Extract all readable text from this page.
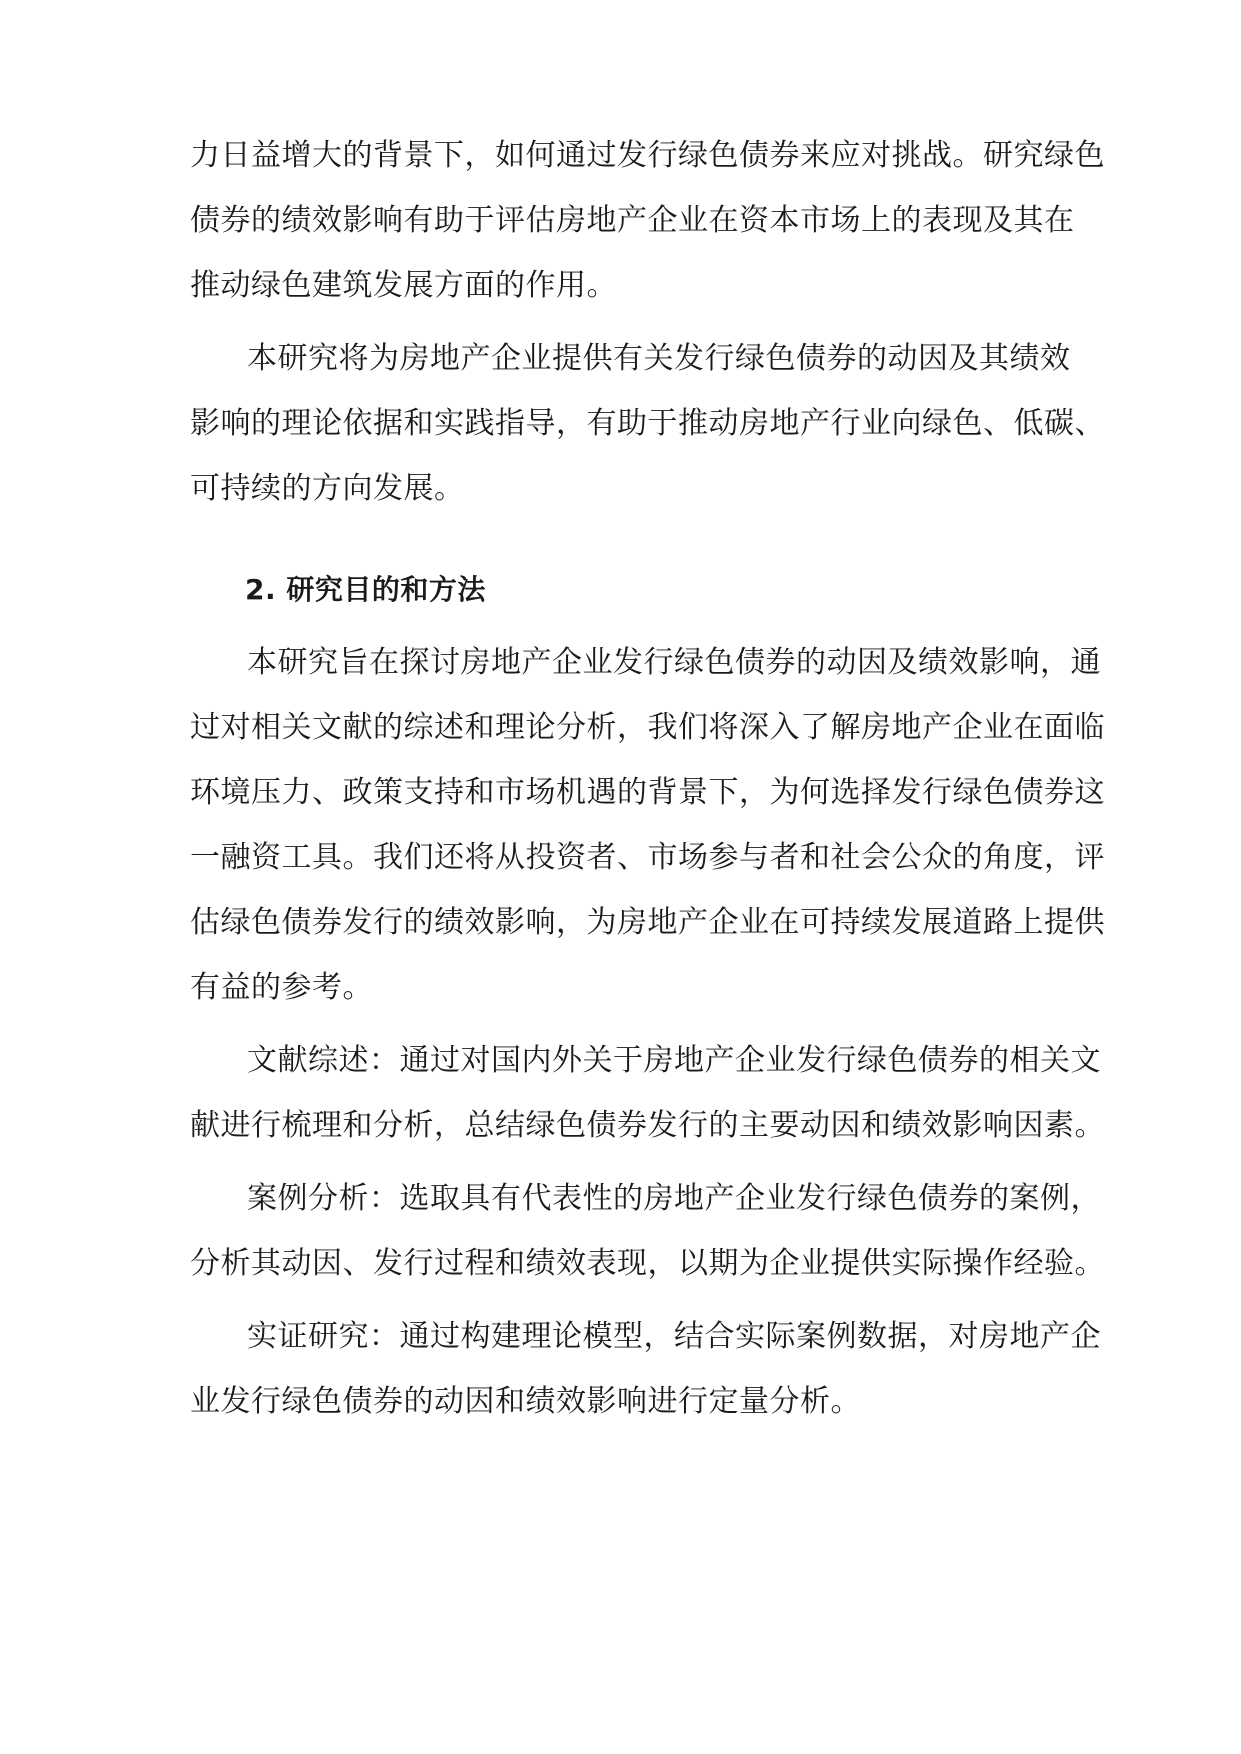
力日益增大的背景下，如何通过发行绿色债券来应对挑战。研究绿色
债券的绩效影响有助于评估房地产企业在资本市场上的表现及其在
推动绿色建筑发展方面的作用。
本研究将为房地产企业提供有关发行绿色债券的动因及其绩效
影响的理论依据和实践指导，有助于推动房地产行业向绿色、低碳、
可持续的方向发展。
2. 研究目的和方法
本研究旨在探讨房地产企业发行绿色债券的动因及绩效影响，通
过对相关文献的综述和理论分析，我们将深入了解房地产企业在面临
环境压力、政策支持和市场机遇的背景下，为何选择发行绿色债券这
一融资工具。我们还将从投资者、市场参与者和社会公众的角度，评
估绿色债券发行的绩效影响，为房地产企业在可持续发展道路上提供
有益的参考。
文献综述：通过对国内外关于房地产企业发行绿色债券的相关文
献进行梳理和分析，总结绿色债券发行的主要动因和绩效影响因素。
案例分析：选取具有代表性的房地产企业发行绿色债券的案例，
分析其动因、发行过程和绩效表现，以期为企业提供实际操作经验。
实证研究：通过构建理论模型，结合实际案例数据，对房地产企
业发行绿色债券的动因和绩效影响进行定量分析。
